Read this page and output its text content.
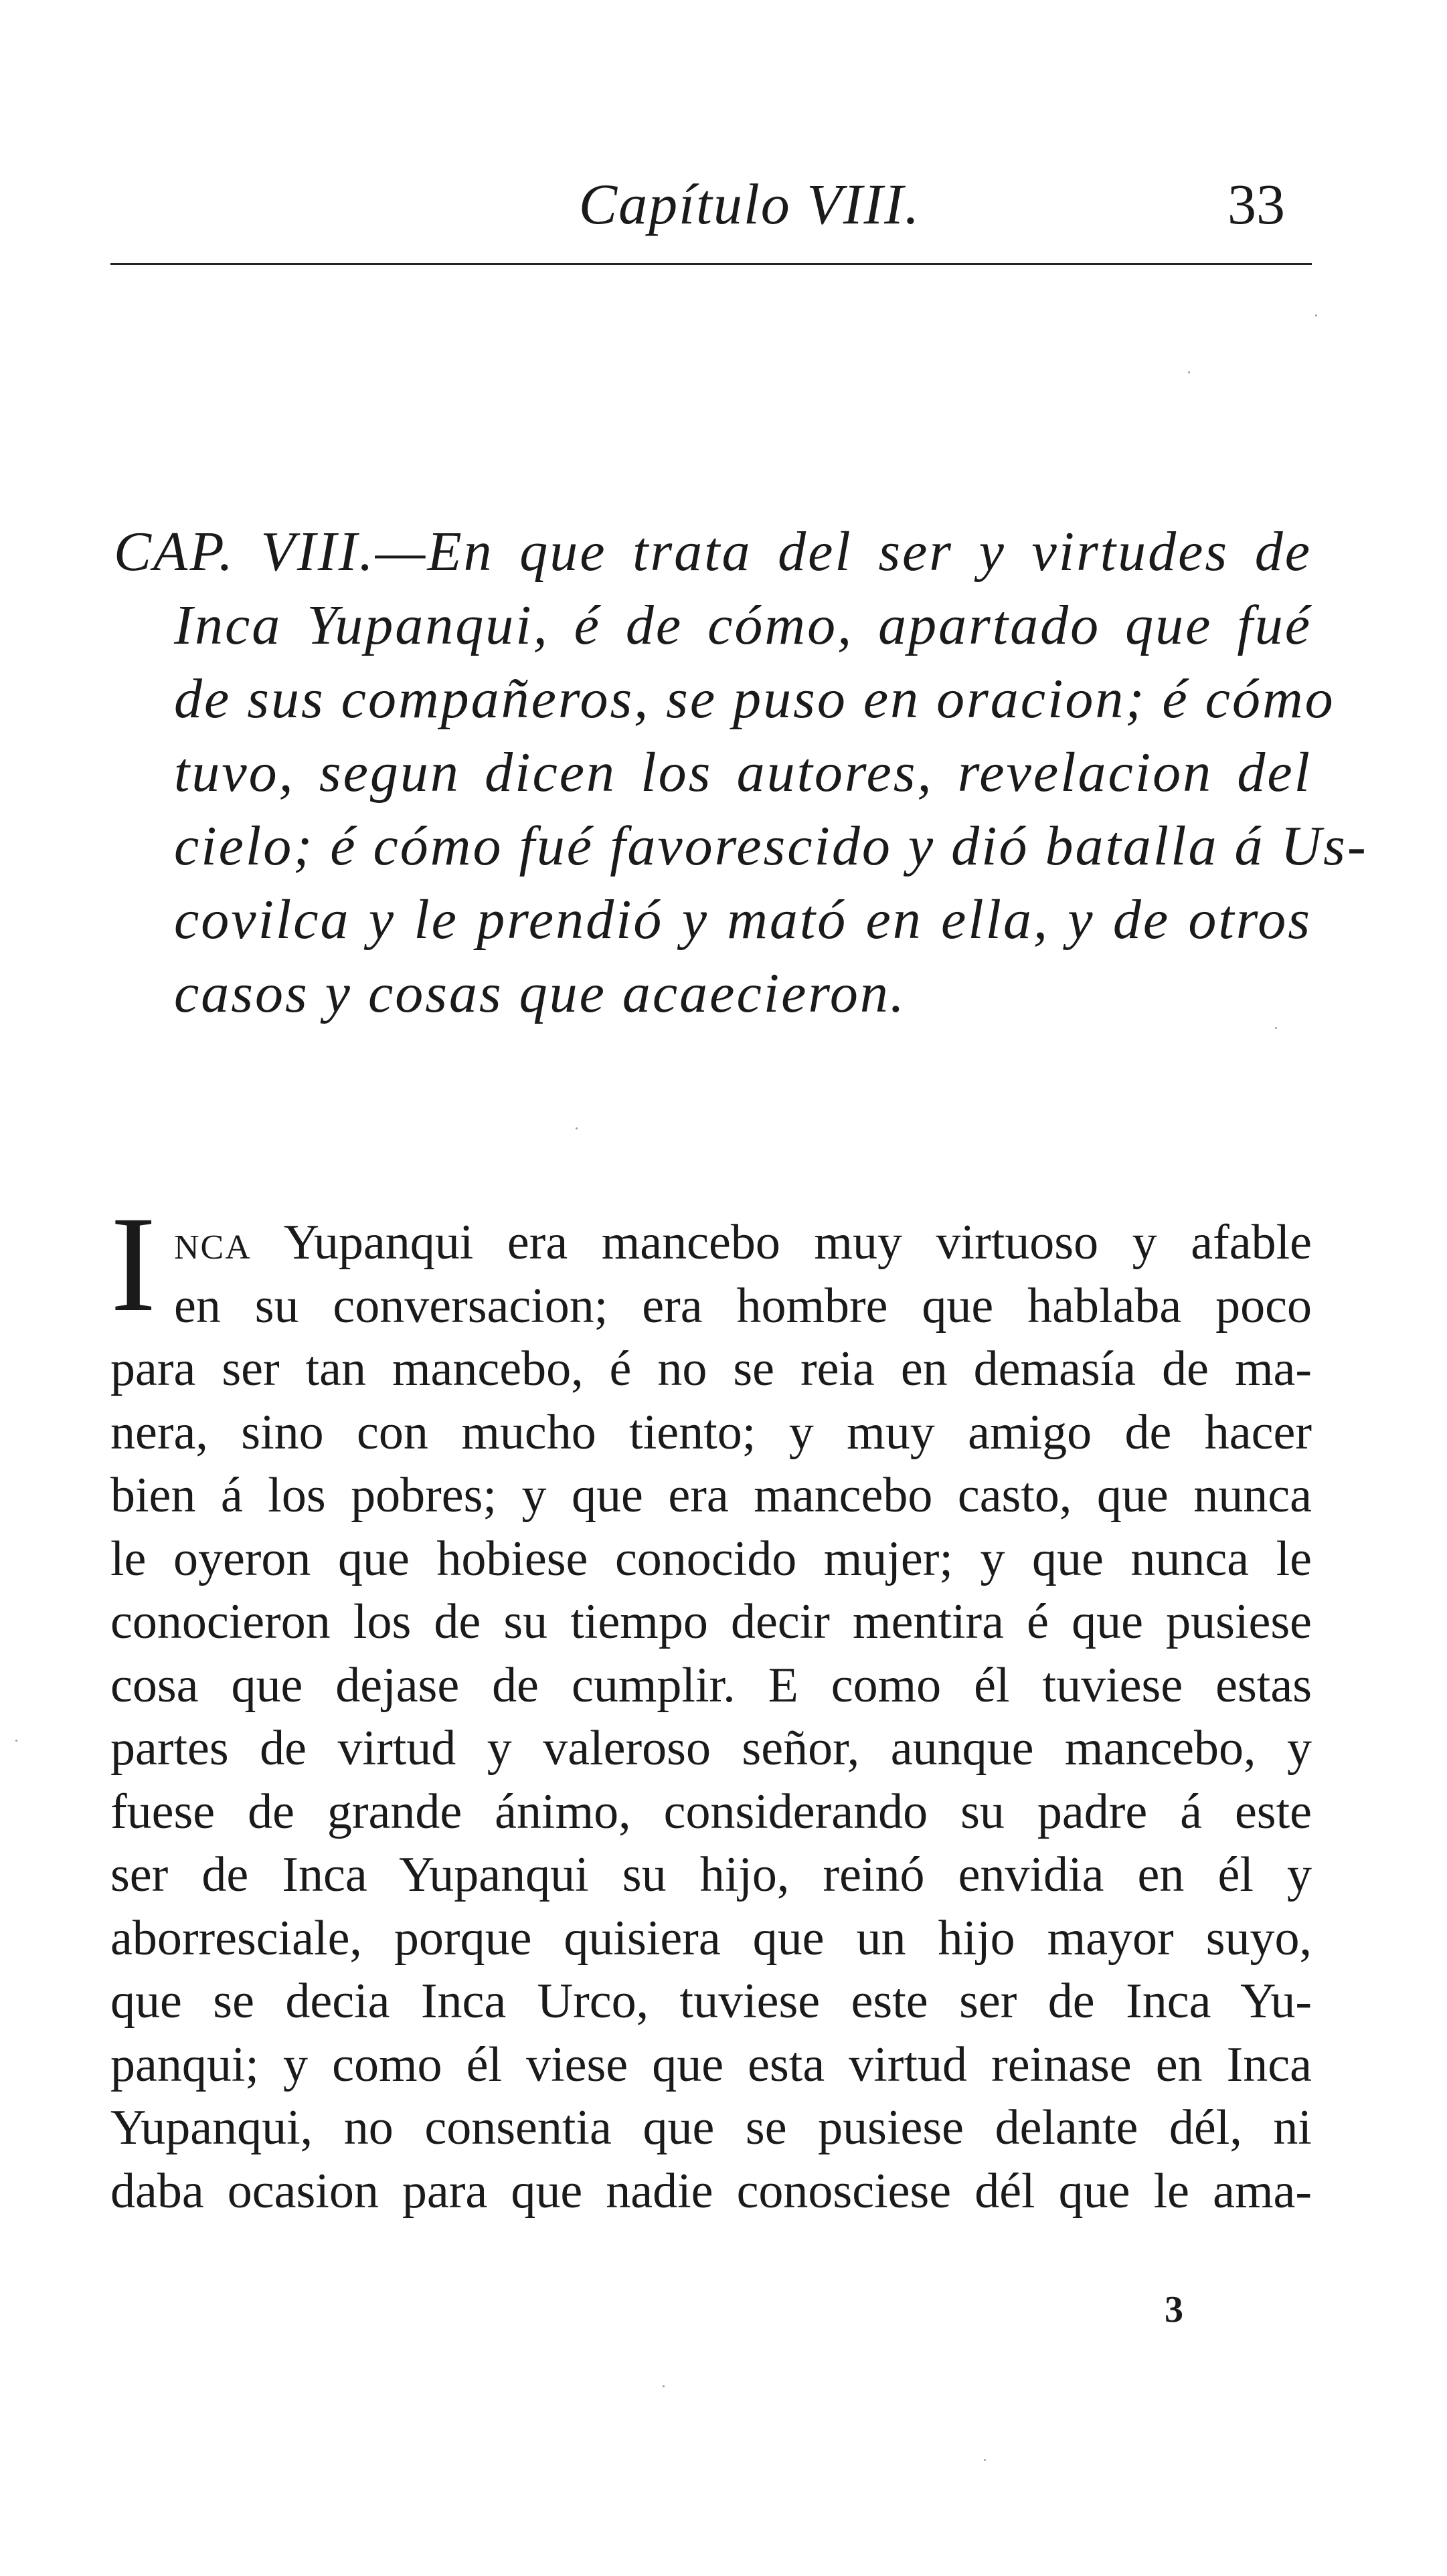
Capítulo VIII.	33
CAP. VIII.—En que trata del ser y virtudes de
Inca Yupanqui, é de cómo, apartado que fué
de sus compañeros, se puso en oracion; é cómo
tuvo, segun dicen los autores, revelacion del
cielo; é cómo fué favorescido y dió batalla á Us-
covilca y le prendió y mató en ella, y de otros
casos y cosas que acaecieron.
I nca Yupanqui era mancebo muy virtuoso y afable
en su conversacion; era hombre que hablaba poco
para ser tan mancebo, é no se reia en demasía de ma-
nera, sino con mucho tiento; y muy amigo de hacer
bien á los pobres; y que era mancebo casto, que nunca
le oyeron que hobiese conocido mujer; y que nunca le
conocieron los de su tiempo decir mentira é que pusiese
cosa que dejase de cumplir. E como él tuviese estas
partes de virtud y valeroso señor, aunque mancebo, y
fuese de grande ánimo, considerando su padre á este
ser de Inca Yupanqui su hijo, reinó envidia en él y
aborresciale, porque quisiera que un hijo mayor suyo,
que se decia Inca Urco, tuviese este ser de Inca Yu-
panqui; y como él viese que esta virtud reinase en Inca
Yupanqui, no consentia que se pusiese delante dél, ni
daba ocasion para que nadie conosciese dél que le ama-
3
